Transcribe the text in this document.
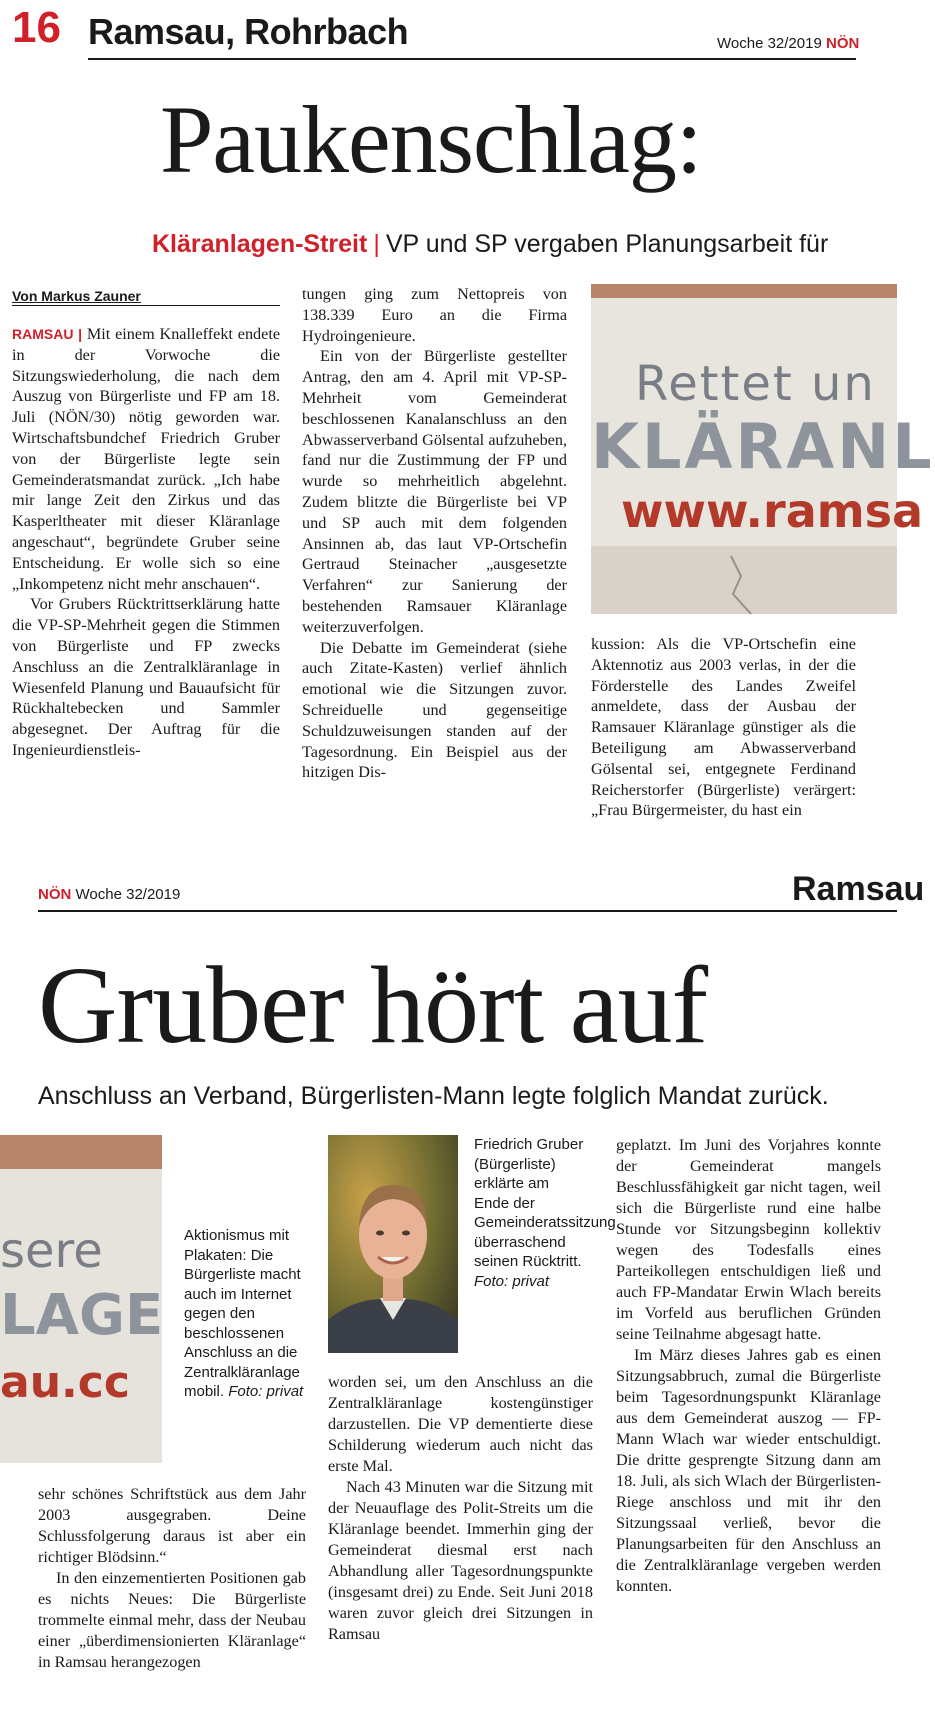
16 Ramsau, Rohrbach	Woche 32/2019 NÖN
Paukenschlag:
Kläranlagen-Streit | VP und SP vergaben Planungsarbeit für
Von Markus Zauner

RAMSAU | Mit einem Knalleffekt endete in der Vorwoche die Sitzungswiederholung, die nach dem Auszug von Bürgerliste und FP am 18. Juli (NÖN/30) nötig geworden war. Wirtschaftsbundchef Friedrich Gruber von der Bürgerliste legte sein Gemeinderatsmandat zurück. „Ich habe mir lange Zeit den Zirkus und das Kasperltheater mit dieser Kläranlage angeschaut“, begründete Gruber seine Entscheidung. Er wolle sich so eine „Inkompetenz nicht mehr anschauen“.

Vor Grubers Rücktrittserklärung hatte die VP-SP-Mehrheit gegen die Stimmen von Bürgerliste und FP zwecks Anschluss an die Zentralkläranlage in Wiesenfeld Planung und Bauaufsicht für Rückhaltebecken und Sammler abgesegnet. Der Auftrag für die Ingenieurdienstleis-

tungen ging zum Nettopreis von 138.339 Euro an die Firma Hydroingenieure.

Ein von der Bürgerliste gestellter Antrag, den am 4. April mit VP-SP-Mehrheit vom Gemeinderat beschlossenen Kanalanschluss an den Abwasserverband Gölsental aufzuheben, fand nur die Zustimmung der FP und wurde so mehrheitlich abgelehnt. Zudem blitzte die Bürgerliste bei VP und SP auch mit dem folgenden Ansinnen ab, das laut VP-Ortschefin Gertraud Steinacher „ausgesetzte Verfahren“ zur Sanierung der bestehenden Ramsauer Kläranlage weiterzuverfolgen.

Die Debatte im Gemeinderat (siehe auch Zitate-Kasten) verlief ähnlich emotional wie die Sitzungen zuvor. Schreiduelle und gegenseitige Schuldzuweisungen standen auf der Tagesordnung. Ein Beispiel aus der hitzigen Dis-

Rettet un
KLÄRANL
www.ramsa

kussion: Als die VP-Ortschefin eine Aktennotiz aus 2003 verlas, in der die Förderstelle des Landes Zweifel anmeldete, dass der Ausbau der Ramsauer Kläranlage günstiger als die Beteiligung am Abwasserverband Gölsental sei, entgegnete Ferdinand Reicherstorfer (Bürgerliste) verärgert: „Frau Bürgermeister, du hast ein

NÖN Woche 32/2019	Ramsau
Gruber hört auf
Anschluss an Verband, Bürgerlisten-Mann legte folglich Mandat zurück.
sere
LAGE
au.cc
Aktionismus mit Plakaten: Die Bürgerliste macht auch im Internet gegen den beschlossenen Anschluss an die Zentralkläranlage mobil. Foto: privat
Friedrich Gruber (Bürgerliste) erklärte am Ende der Gemeinderatssitzung überraschend seinen Rücktritt. Foto: privat

sehr schönes Schriftstück aus dem Jahr 2003 ausgegraben. Deine Schlussfolgerung daraus ist aber ein richtiger Blödsinn.“

In den einzementierten Positionen gab es nichts Neues: Die Bürgerliste trommelte einmal mehr, dass der Neubau einer „überdimensionierten Kläranlage“ in Ramsau herangezogen

worden sei, um den Anschluss an die Zentralkläranlage kostengünstiger darzustellen. Die VP dementierte diese Schilderung wiederum auch nicht das erste Mal.

Nach 43 Minuten war die Sitzung mit der Neuauflage des Polit-Streits um die Kläranlage beendet. Immerhin ging der Gemeinderat diesmal erst nach Abhandlung aller Tagesordnungspunkte (insgesamt drei) zu Ende. Seit Juni 2018 waren zuvor gleich drei Sitzungen in Ramsau

geplatzt. Im Juni des Vorjahres konnte der Gemeinderat mangels Beschlussfähigkeit gar nicht tagen, weil sich die Bürgerliste rund eine halbe Stunde vor Sitzungsbeginn kollektiv wegen des Todesfalls eines Parteikollegen entschuldigen ließ und auch FP-Mandatar Erwin Wlach bereits im Vorfeld aus beruflichen Gründen seine Teilnahme abgesagt hatte.

Im März dieses Jahres gab es einen Sitzungsabbruch, zumal die Bürgerliste beim Tagesordnungspunkt Kläranlage aus dem Gemeinderat auszog — FP-Mann Wlach war wieder entschuldigt. Die dritte gesprengte Sitzung dann am 18. Juli, als sich Wlach der Bürgerlisten-Riege anschloss und mit ihr den Sitzungssaal verließ, bevor die Planungsarbeiten für den Anschluss an die Zentralkläranlage vergeben werden konnten.
